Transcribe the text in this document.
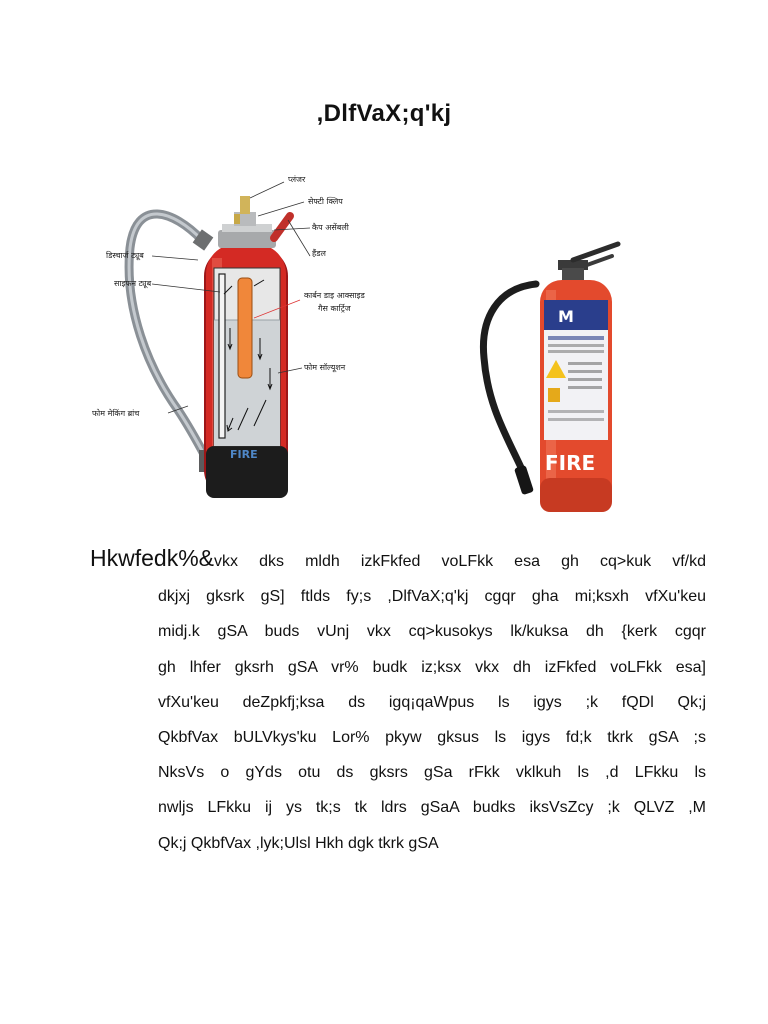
,DlfVaX;q'kj
FIRE
प्लंजर
सेफ्टी क्लिप
कैप असेंबली
हैंडल
डिस्चार्ज ट्यूब
साइफन ट्यूब
कार्बन डाइ आक्साइड
गैस कार्ट्रिज
फोम सॉल्यूशन
फोम मेकिंग ब्रांच
M
FIRE
Hkwfedk%&vkx dks mldh izkFkfed voLFkk esa gh cq>kuk vf/kd
dkjxj gksrk gS] ftlds fy;s ,DlfVaX;q'kj cgqr gha mi;ksxh vfXu'keu
midj.k gSA buds vUnj vkx cq>kusokys lk/kuksa dh {kerk cgqr
gh lhfer gksrh gSA vr% budk iz;ksx vkx dh izFkfed voLFkk esa]
vfXu'keu deZpkfj;ksa ds igq¡qaWpus ls igys ;k fQDl Qk;j
QkbfVax bULVkys'ku Lor% pkyw gksus ls igys fd;k tkrk gSA ;s
NksVs o gYds otu ds gksrs gSa rFkk vklkuh ls ,d LFkku ls
nwljs LFkku ij ys tk;s tk ldrs gSaA budks iksVsZcy ;k QLVZ ,M
Qk;j QkbfVax ,lyk;Ulsl Hkh dgk tkrk gSA
